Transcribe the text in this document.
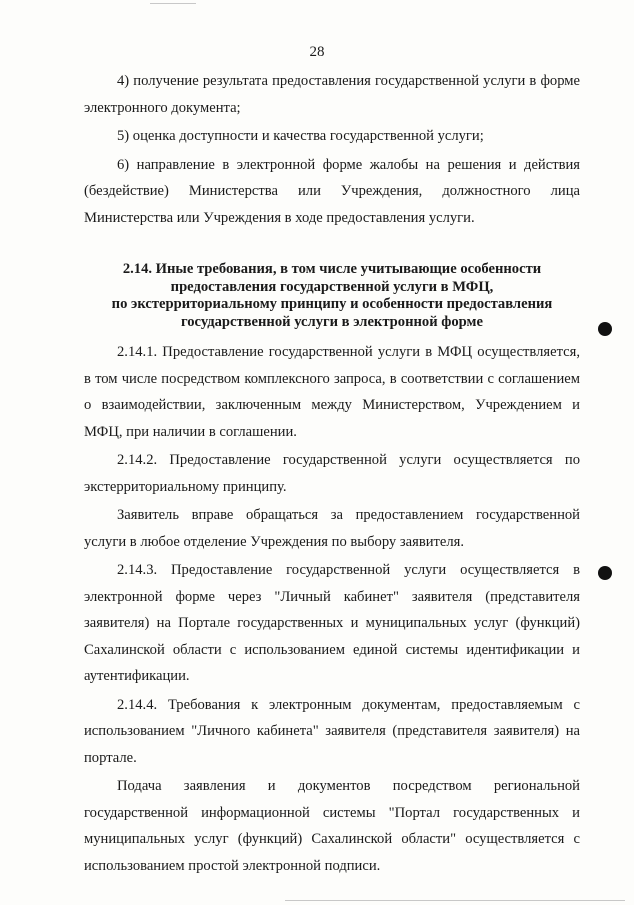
28

4) получение результата предоставления государственной услуги в форме электронного документа;

5) оценка доступности и качества государственной услуги;

6) направление в электронной форме жалобы на решения и действия (бездействие) Министерства или Учреждения, должностного лица Министерства или Учреждения в ходе предоставления услуги.

2.14. Иные требования, в том числе учитывающие особенности
предоставления государственной услуги в МФЦ,
по экстерриториальному принципу и особенности предоставления
государственной услуги в электронной форме

2.14.1. Предоставление государственной услуги в МФЦ осуществляется, в том числе посредством комплексного запроса, в соответствии с соглашением о взаимодействии, заключенным между Министерством, Учреждением и МФЦ, при наличии в соглашении.

2.14.2. Предоставление государственной услуги осуществляется по экстерриториальному принципу.

Заявитель вправе обращаться за предоставлением государственной услуги в любое отделение Учреждения по выбору заявителя.

2.14.3. Предоставление государственной услуги осуществляется в электронной форме через "Личный кабинет" заявителя (представителя заявителя) на Портале государственных и муниципальных услуг (функций) Сахалинской области с использованием единой системы идентификации и аутентификации.

2.14.4. Требования к электронным документам, предоставляемым с использованием "Личного кабинета" заявителя (представителя заявителя) на портале.

Подача заявления и документов посредством региональной государственной информационной системы "Портал государственных и муниципальных услуг (функций) Сахалинской области" осуществляется с использованием простой электронной подписи.
